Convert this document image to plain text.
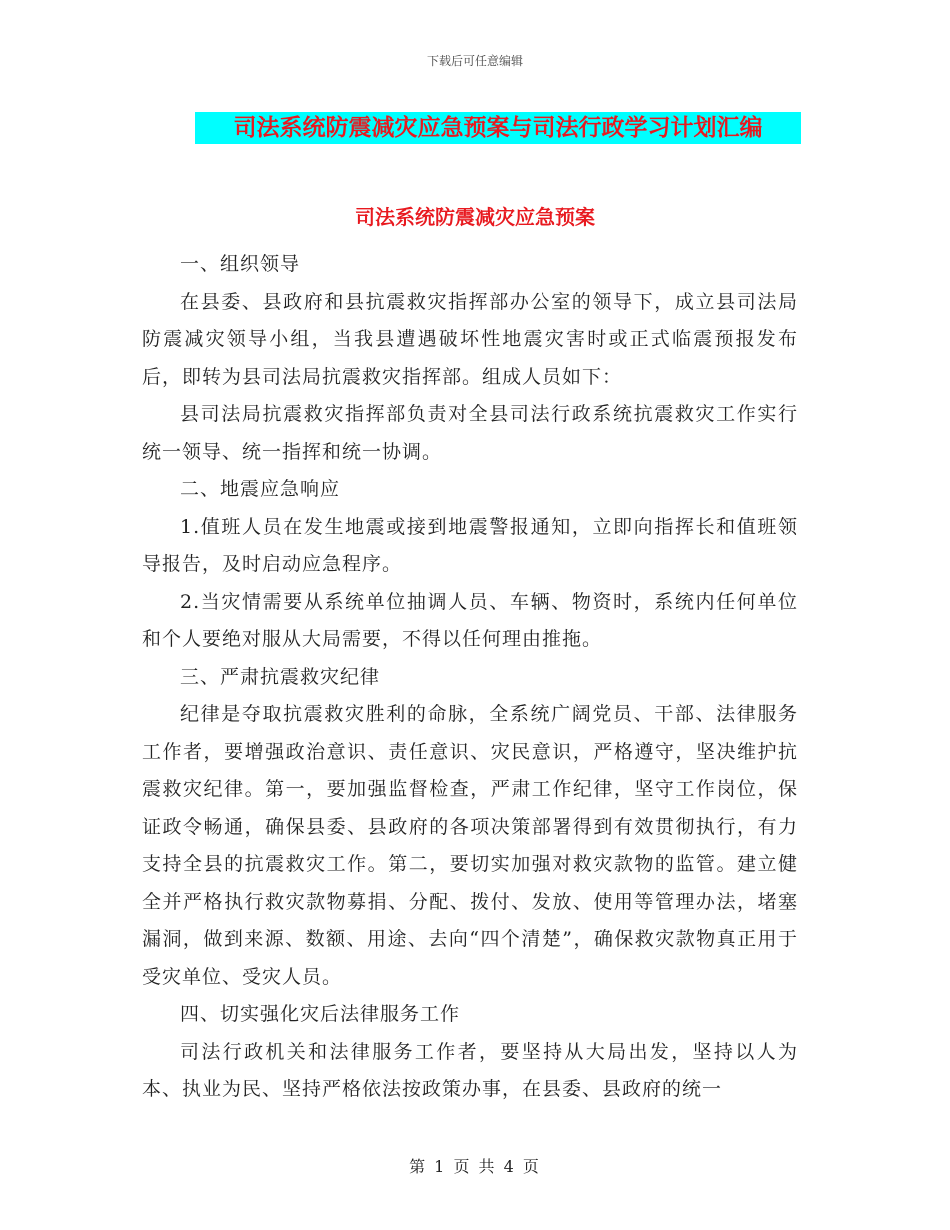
下载后可任意编辑
司法系统防震减灾应急预案与司法行政学习计划汇编
司法系统防震减灾应急预案

一、组织领导

在县委、县政府和县抗震救灾指挥部办公室的领导下，成立县司法局防震减灾领导小组，当我县遭遇破坏性地震灾害时或正式临震预报发布后，即转为县司法局抗震救灾指挥部。组成人员如下：

县司法局抗震救灾指挥部负责对全县司法行政系统抗震救灾工作实行统一领导、统一指挥和统一协调。

二、地震应急响应

1.值班人员在发生地震或接到地震警报通知，立即向指挥长和值班领导报告，及时启动应急程序。

2.当灾情需要从系统单位抽调人员、车辆、物资时，系统内任何单位和个人要绝对服从大局需要，不得以任何理由推拖。

三、严肃抗震救灾纪律

纪律是夺取抗震救灾胜利的命脉，全系统广阔党员、干部、法律服务工作者，要增强政治意识、责任意识、灾民意识，严格遵守，坚决维护抗震救灾纪律。第一，要加强监督检查，严肃工作纪律，坚守工作岗位，保证政令畅通，确保县委、县政府的各项决策部署得到有效贯彻执行，有力支持全县的抗震救灾工作。第二，要切实加强对救灾款物的监管。建立健全并严格执行救灾款物募捐、分配、拨付、发放、使用等管理办法，堵塞漏洞，做到来源、数额、用途、去向“四个清楚”，确保救灾款物真正用于受灾单位、受灾人员。

四、切实强化灾后法律服务工作

司法行政机关和法律服务工作者，要坚持从大局出发，坚持以人为本、执业为民、坚持严格依法按政策办事，在县委、县政府的统一

第 1 页 共 4 页
